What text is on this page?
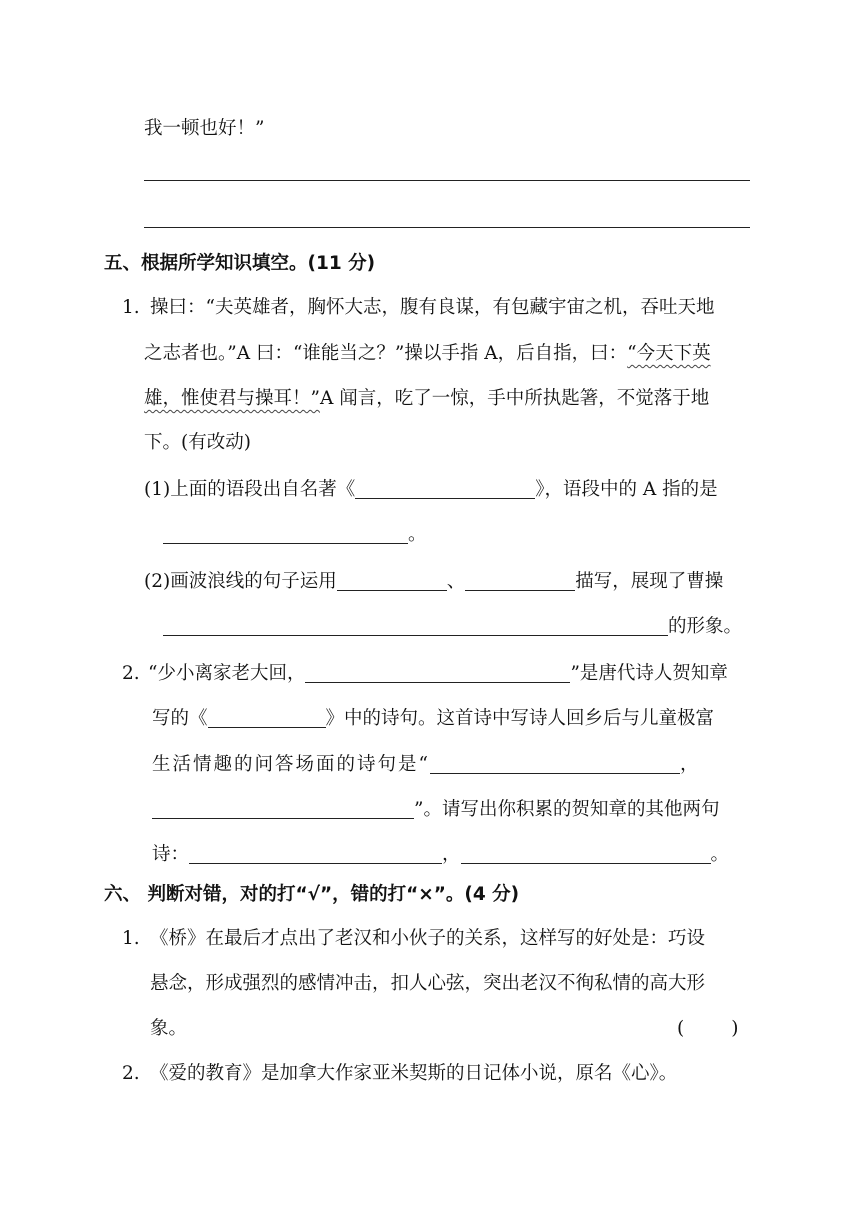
我一顿也好！”
五、根据所学知识填空。(11 分)
1. 操曰：“夫英雄者，胸怀大志，腹有良谋，有包藏宇宙之机，吞吐天地
之志者也。”A 曰：“谁能当之？”操以手指 A，后自指，曰：“今天下英
雄，惟使君与操耳！”A 闻言，吃了一惊，手中所执匙箸，不觉落于地
下。(有改动)
(1)上面的语段出自名著《	》，语段中的 A 指的是
。
(2)画波浪线的句子运用	、	描写，展现了曹操
的形象。
2. “少小离家老大回，	”是唐代诗人贺知章
写的《	》中的诗句。这首诗中写诗人回乡后与儿童极富
生活情趣的问答场面的诗句是“	，
”。请写出你积累的贺知章的其他两句
诗：	，	。
六、 判断对错，对的打“√”，错的打“×”。(4 分)
1. 《桥》在最后才点出了老汉和小伙子的关系，这样写的好处是：巧设
悬念，形成强烈的感情冲击，扣人心弦，突出老汉不徇私情的高大形
象。	(        )
2. 《爱的教育》是加拿大作家亚米契斯的日记体小说，原名《心》。
